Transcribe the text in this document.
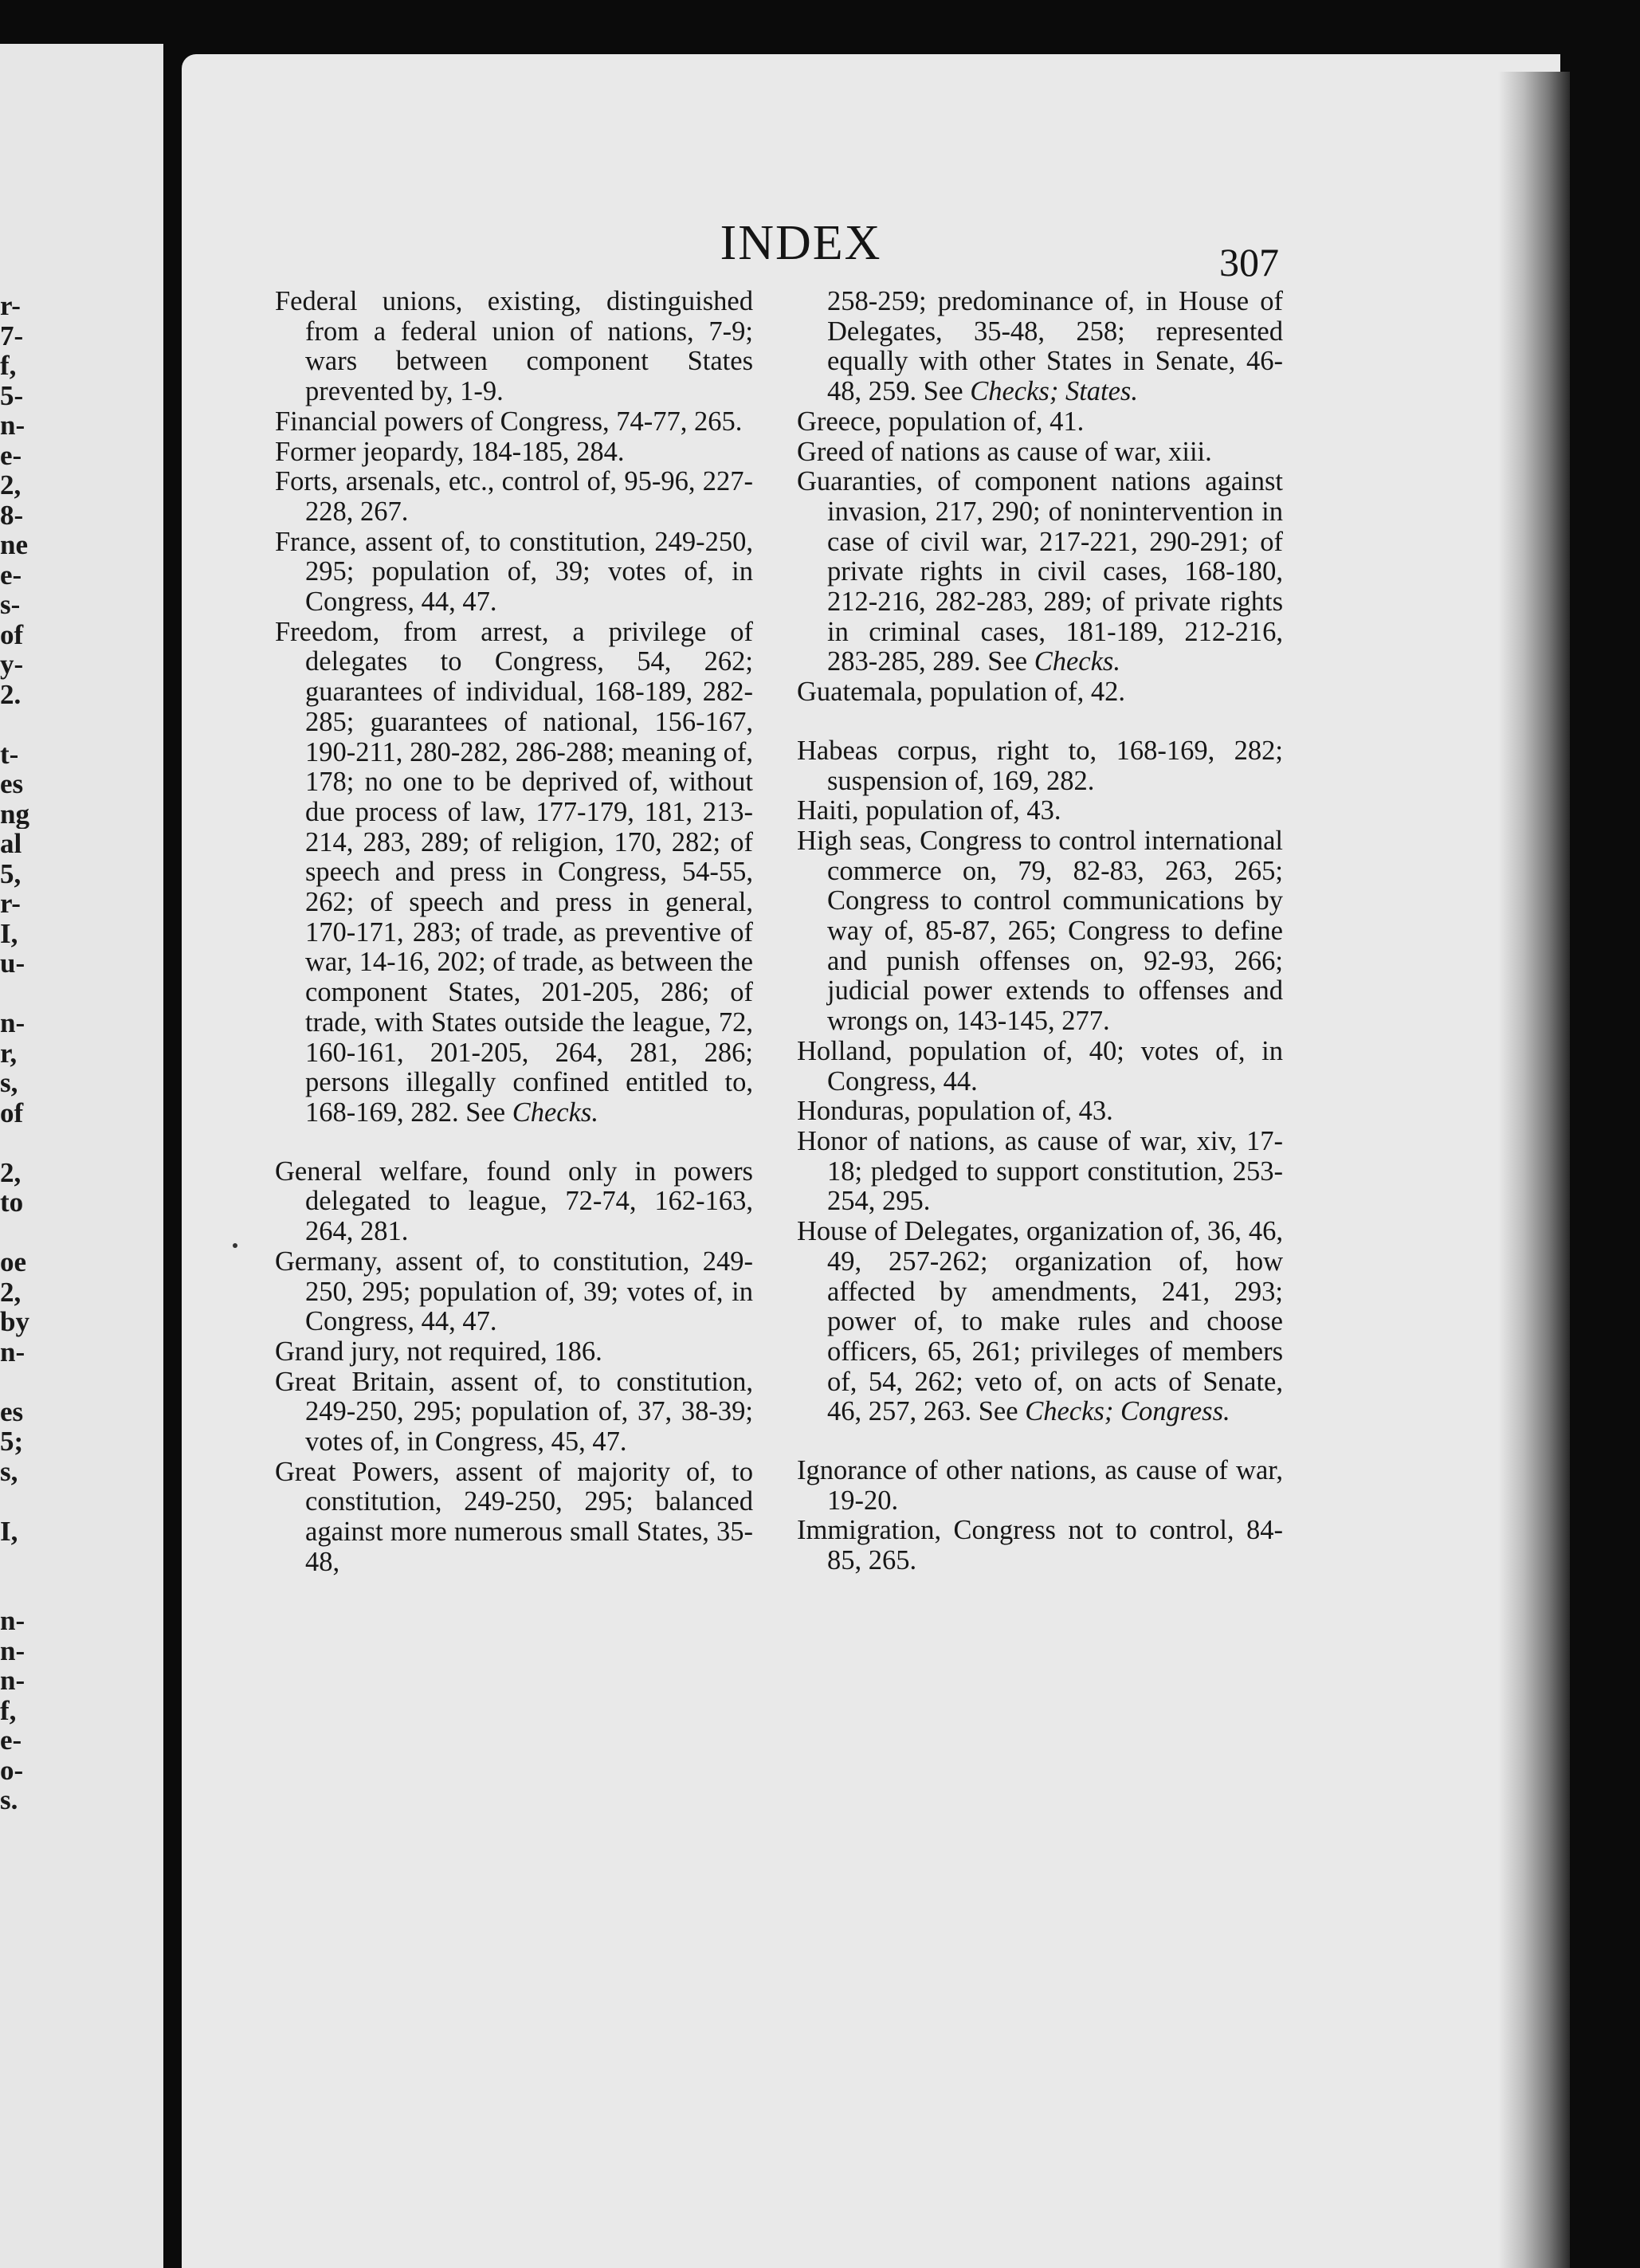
r-
7-
f,
5-
n-
e-
2,
8-
ne
e-
s-
of
y-
2.
t-
es
ng
al
5,
r-
I,
u-
n-
r,
s,
of
2,
to
oe
2,
by
n-
es
5;
s,
I,
n-
n-
n-
f,
e-
o-
s.
INDEX	307

Federal unions, existing, distinguished from a federal union of nations, 7-9; wars between component States prevented by, 1-9.

Financial powers of Congress, 74-77, 265.

Former jeopardy, 184-185, 284.

Forts, arsenals, etc., control of, 95-96, 227-228, 267.

France, assent of, to constitution, 249-250, 295; population of, 39; votes of, in Congress, 44, 47.

Freedom, from arrest, a privilege of delegates to Congress, 54, 262; guarantees of individual, 168-189, 282-285; guarantees of national, 156-167, 190-211, 280-282, 286-288; meaning of, 178; no one to be deprived of, without due process of law, 177-179, 181, 213-214, 283, 289; of religion, 170, 282; of speech and press in Congress, 54-55, 262; of speech and press in general, 170-171, 283; of trade, as preventive of war, 14-16, 202; of trade, as between the component States, 201-205, 286; of trade, with States outside the league, 72, 160-161, 201-205, 264, 281, 286; persons illegally confined entitled to, 168-169, 282. See Checks.

General welfare, found only in powers delegated to league, 72-74, 162-163, 264, 281.

Germany, assent of, to constitution, 249-250, 295; population of, 39; votes of, in Congress, 44, 47.

Grand jury, not required, 186.

Great Britain, assent of, to constitution, 249-250, 295; population of, 37, 38-39; votes of, in Congress, 45, 47.

Great Powers, assent of majority of, to constitution, 249-250, 295; balanced against more numerous small States, 35-48,

258-259; predominance of, in House of Delegates, 35-48, 258; represented equally with other States in Senate, 46-48, 259. See Checks; States.

Greece, population of, 41.

Greed of nations as cause of war, xiii.

Guaranties, of component nations against invasion, 217, 290; of nonintervention in case of civil war, 217-221, 290-291; of private rights in civil cases, 168-180, 212-216, 282-283, 289; of private rights in criminal cases, 181-189, 212-216, 283-285, 289. See Checks.

Guatemala, population of, 42.

Habeas corpus, right to, 168-169, 282; suspension of, 169, 282.

Haiti, population of, 43.

High seas, Congress to control international commerce on, 79, 82-83, 263, 265; Congress to control communications by way of, 85-87, 265; Congress to define and punish offenses on, 92-93, 266; judicial power extends to offenses and wrongs on, 143-145, 277.

Holland, population of, 40; votes of, in Congress, 44.

Honduras, population of, 43.

Honor of nations, as cause of war, xiv, 17-18; pledged to support constitution, 253-254, 295.

House of Delegates, organization of, 36, 46, 49, 257-262; organization of, how affected by amendments, 241, 293; power of, to make rules and choose officers, 65, 261; privileges of members of, 54, 262; veto of, on acts of Senate, 46, 257, 263. See Checks; Congress.

Ignorance of other nations, as cause of war, 19-20.

Immigration, Congress not to control, 84-85, 265.
